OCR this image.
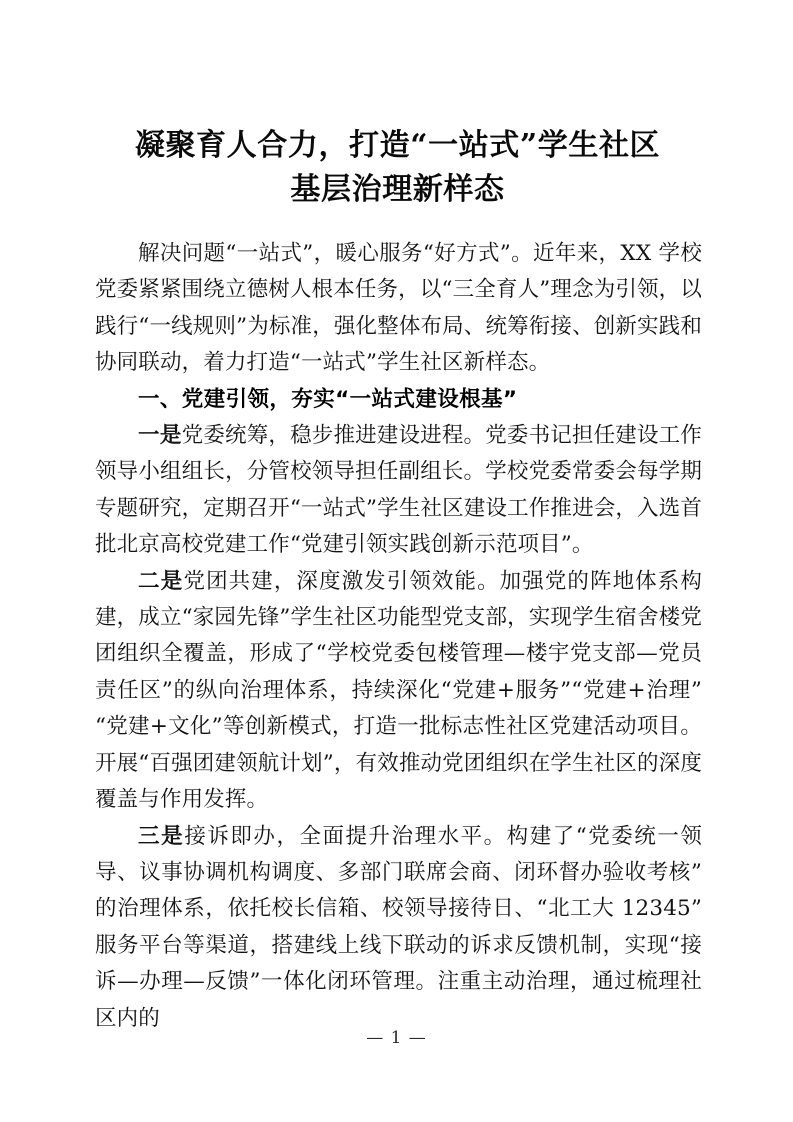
凝聚育人合力，打造“一站式”学生社区
基层治理新样态

解决问题“一站式”，暖心服务“好方式”。近年来，XX 学校党委紧紧围绕立德树人根本任务，以“三全育人”理念为引领，以践行“一线规则”为标准，强化整体布局、统筹衔接、创新实践和协同联动，着力打造“一站式”学生社区新样态。

一、党建引领，夯实“一站式建设根基”

一是党委统筹，稳步推进建设进程。党委书记担任建设工作领导小组组长，分管校领导担任副组长。学校党委常委会每学期专题研究，定期召开“一站式”学生社区建设工作推进会，入选首批北京高校党建工作“党建引领实践创新示范项目”。

二是党团共建，深度激发引领效能。加强党的阵地体系构建，成立“家园先锋”学生社区功能型党支部，实现学生宿舍楼党团组织全覆盖，形成了“学校党委包楼管理—楼宇党支部—党员责任区”的纵向治理体系，持续深化“党建+服务”“党建+治理”“党建+文化”等创新模式，打造一批标志性社区党建活动项目。开展“百强团建领航计划”，有效推动党团组织在学生社区的深度覆盖与作用发挥。

三是接诉即办，全面提升治理水平。构建了“党委统一领导、议事协调机构调度、多部门联席会商、闭环督办验收考核”的治理体系，依托校长信箱、校领导接待日、“北工大 12345”服务平台等渠道，搭建线上线下联动的诉求反馈机制，实现“接诉—办理—反馈”一体化闭环管理。注重主动治理，通过梳理社区内的

— 1 —
